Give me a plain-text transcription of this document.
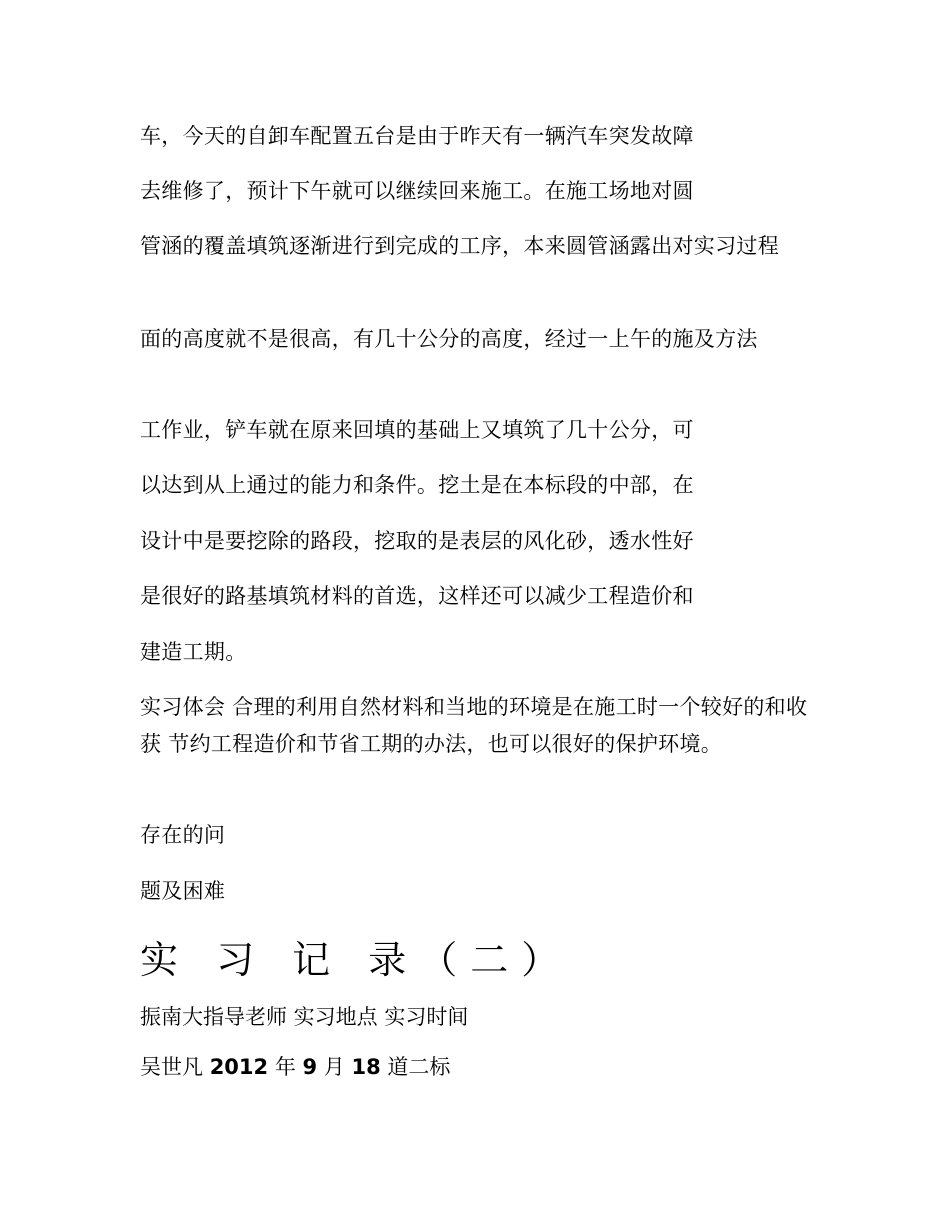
车，今天的自卸车配置五台是由于昨天有一辆汽车突发故障

去维修了，预计下午就可以继续回来施工。在施工场地对圆

管涵的覆盖填筑逐渐进行到完成的工序，本来圆管涵露出对实习过程

面的高度就不是很高，有几十公分的高度，经过一上午的施及方法

工作业，铲车就在原来回填的基础上又填筑了几十公分，可

以达到从上通过的能力和条件。挖土是在本标段的中部，在

设计中是要挖除的路段，挖取的是表层的风化砂，透水性好

是很好的路基填筑材料的首选，这样还可以减少工程造价和

建造工期。

实习体会 合理的利用自然材料和当地的环境是在施工时一个较好的和收获 节约工程造价和节省工期的办法，也可以很好的保护环境。

存在的问

题及困难

实 习 记 录（二）
振南大指导老师 实习地点 实习时间
吴世凡 2012 年 9 月 18 道二标
